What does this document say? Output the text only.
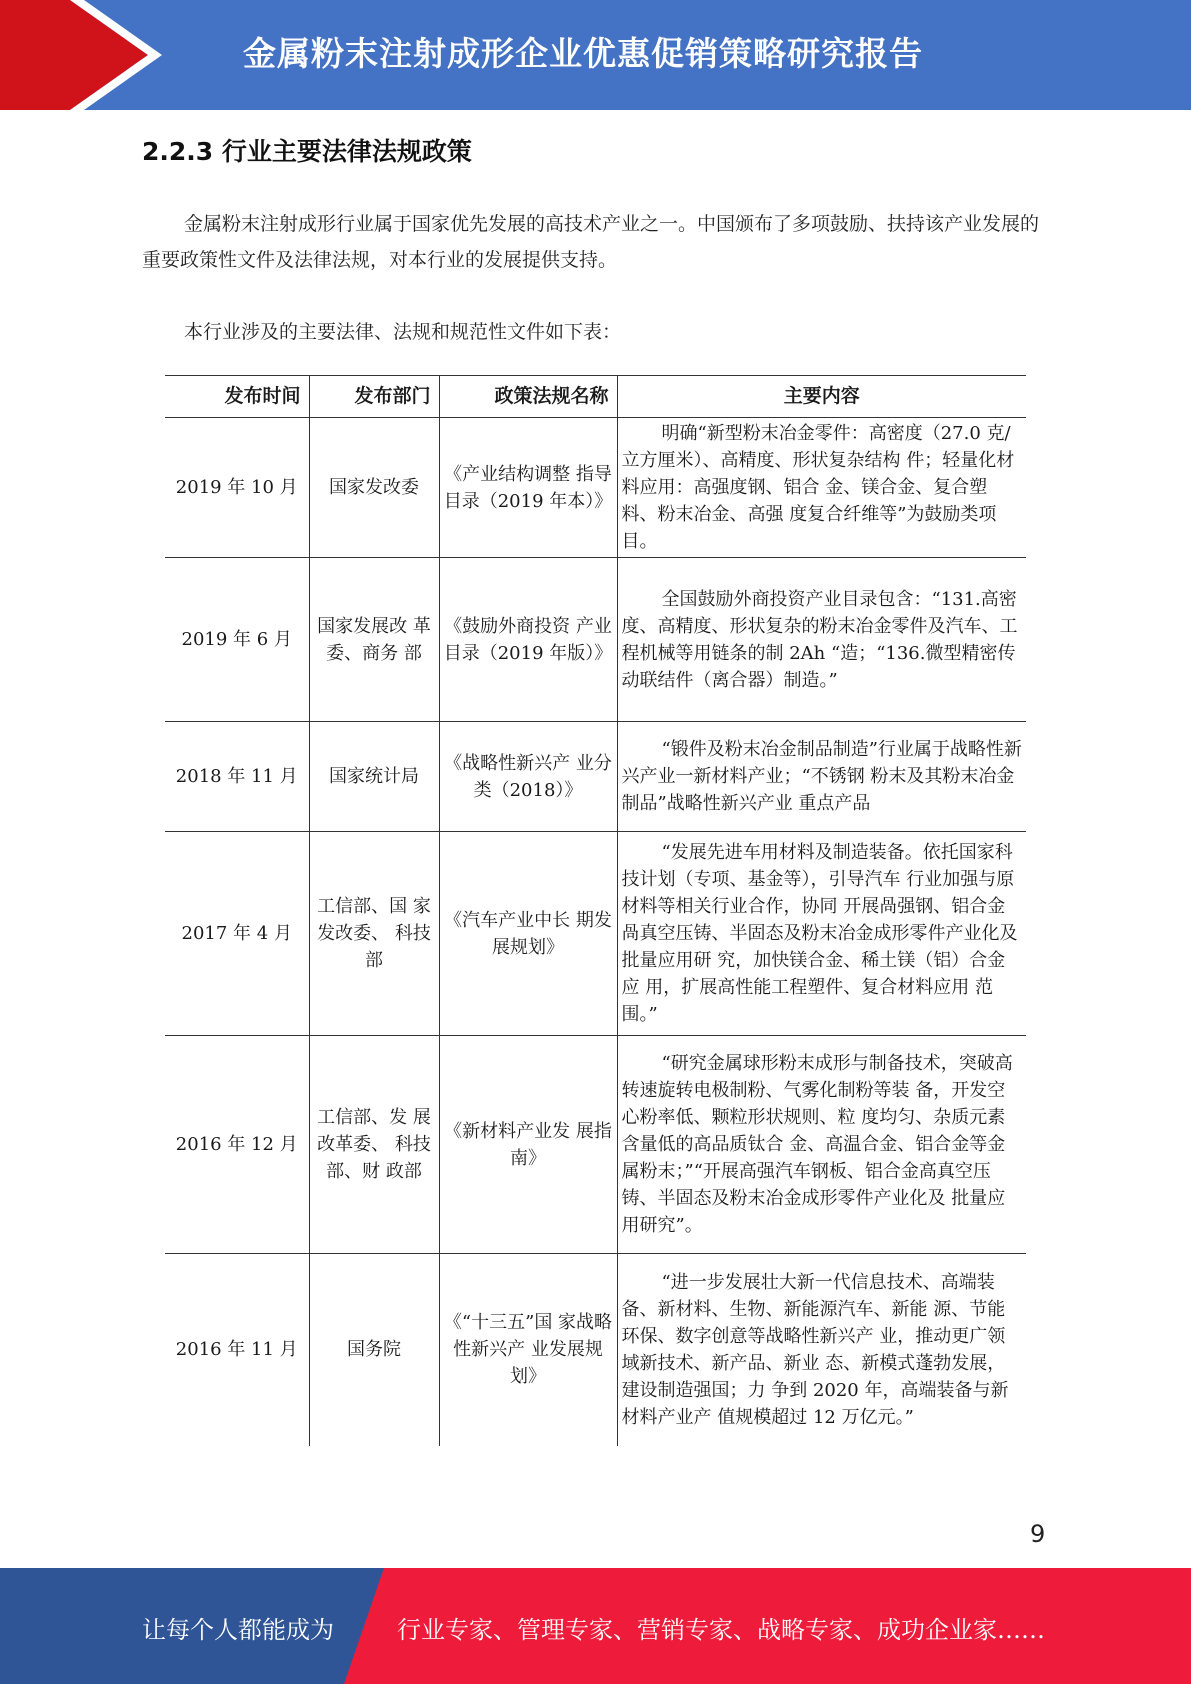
金属粉末注射成形企业优惠促销策略研究报告
2.2.3 行业主要法律法规政策

金属粉末注射成形行业属于国家优先发展的高技术产业之一。中国颁布了多项鼓励、扶持该产业发展的重要政策性文件及法律法规，对本行业的发展提供支持。

本行业涉及的主要法律、法规和规范性文件如下表：

发布时间	发布部门	政策法规名称	主要内容
2019 年 10 月	国家发改委	《产业结构调整 指导目录（2019 年本）》	明确“新型粉末冶金零件：高密度（27.0 克/立方厘米）、高精度、形状复杂结构 件；轻量化材料应用：高强度钢、铝合 金、镁合金、复合塑料、粉末冶金、高强 度复合纤维等”为鼓励类项目。
2019 年 6 月	国家发展改 革委、商务 部	《鼓励外商投资 产业目录（2019 年版）》	全国鼓励外商投资产业目录包含：“131.高密度、高精度、形状复杂的粉末冶金零件及汽车、工程机械等用链条的制 2Ah “造；“136.微型精密传动联结件（离合器）制造。”
2018 年 11 月	国家统计局	《战略性新兴产 业分类（2018）》	“锻件及粉末冶金制品制造”行业属于战略性新兴产业一新材料产业；“不锈钢 粉末及其粉末冶金制品”战略性新兴产业 重点产品
2017 年 4 月	工信部、国 家发改委、 科技部	《汽车产业中长 期发展规划》	“发展先进车用材料及制造装备。依托国家科技计划（专项、基金等），引导汽车 行业加强与原材料等相关行业合作，协同 开展咼强钢、铝合金咼真空压铸、半固态及粉末冶金成形零件产业化及批量应用研 究，加快镁合金、稀土镁（铝）合金应 用，扩展高性能工程塑件、复合材料应用 范围。”
2016 年 12 月	工信部、发 展改革委、 科技部、财 政部	《新材料产业发 展指南》	“研究金属球形粉末成形与制备技术，突破高转速旋转电极制粉、气雾化制粉等装 备，开发空心粉率低、颗粒形状规则、粒 度均匀、杂质元素含量低的高品质钛合 金、高温合金、铝合金等金属粉末；”“开展高强汽车钢板、铝合金高真空压铸、半固态及粉末冶金成形零件产业化及 批量应用研究”。
2016 年 11 月	国务院	《“十三五”国 家战略性新兴产 业发展规划》	“进一步发展壮大新一代信息技术、高端装备、新材料、生物、新能源汽车、新能 源、节能环保、数字创意等战略性新兴产 业，推动更广领域新技术、新产品、新业 态、新模式蓬勃发展，建设制造强国；力 争到 2020 年，高端装备与新材料产业产 值规模超过 12 万亿元。”
9
让每个人都能成为	行业专家、管理专家、营销专家、战略专家、成功企业家……
